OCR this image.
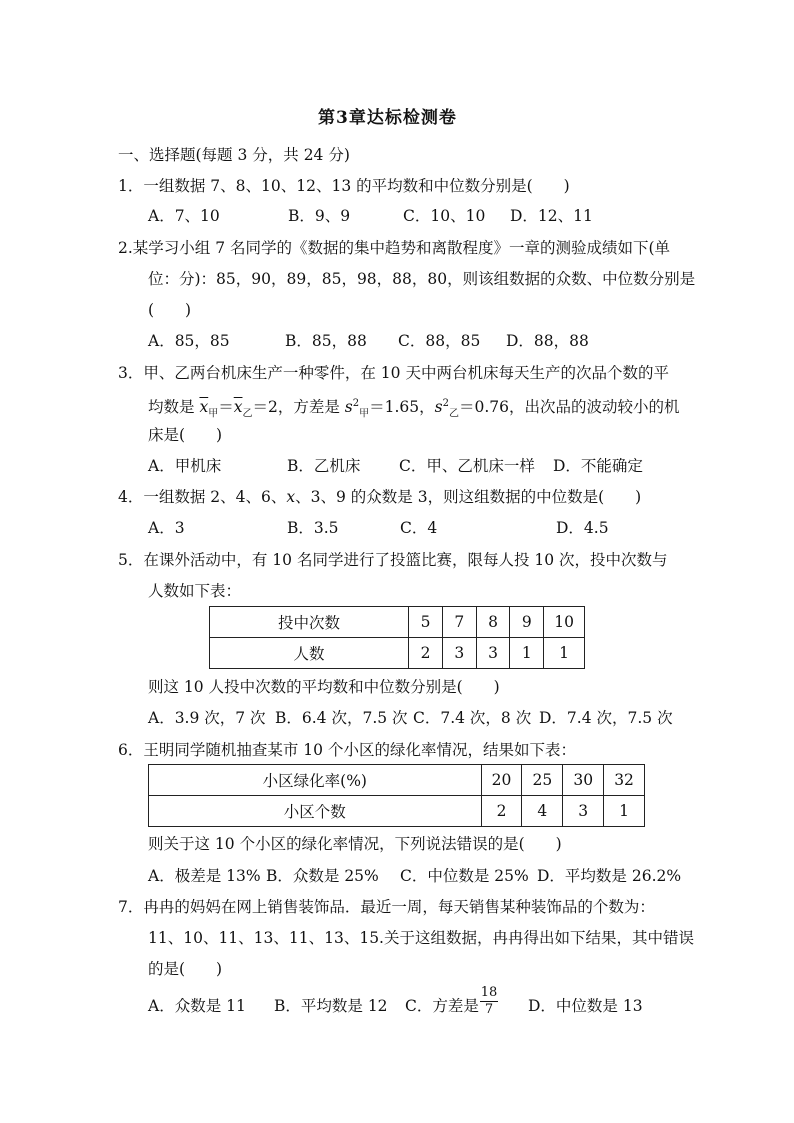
第3章达标检测卷
一、选择题(每题 3 分，共 24 分)
1．一组数据 7、8、10、12、13 的平均数和中位数分别是(　　)
A．7、10	B．9、9	C．10、10 D．12、11
2.某学习小组 7 名同学的《数据的集中趋势和离散程度》一章的测验成绩如下(单
位：分)：85，90，89，85，98，88，80，则该组数据的众数、中位数分别是
(　　)
A．85，85	B．85，88 C．88，85 D．88，88
3．甲、乙两台机床生产一种零件，在 10 天中两台机床每天生产的次品个数的平
均数是 $\overline{x}_甲=\overline{x}_乙=2$，方差是 $s^2_甲=1.65$，$s^2_乙=0.76$，出次品的波动较小的机
床是(　　)
A．甲机床	B．乙机床 C．甲、乙机床一样 D．不能确定
4．一组数据 2、4、6、x、3、9 的众数是 3，则这组数据的中位数是(　　)
A．3	B．3.5	C．4	D．4.5
5．在课外活动中，有 10 名同学进行了投篮比赛，限每人投 10 次，投中次数与
人数如下表：
投中次数	5	7	8	9	10
人数	2	3	3	1	1
则这 10 人投中次数的平均数和中位数分别是(　　)
A．3.9 次，7 次 B．6.4 次，7.5 次 C．7.4 次，8 次 D．7.4 次，7.5 次
6．王明同学随机抽查某市 10 个小区的绿化率情况，结果如下表：
小区绿化率(%)	20	25	30	32
小区个数	2	4	3	1
则关于这 10 个小区的绿化率情况，下列说法错误的是(　　)
A．极差是 13% B．众数是 25% C．中位数是 25% D．平均数是 26.2%
7．冉冉的妈妈在网上销售装饰品．最近一周，每天销售某种装饰品的个数为：
11、10、11、13、11、13、15.关于这组数据，冉冉得出如下结果，其中错误
的是(　　)
A．众数是 11 B．平均数是 12 C．方差是
18
7	D．中位数是 13
